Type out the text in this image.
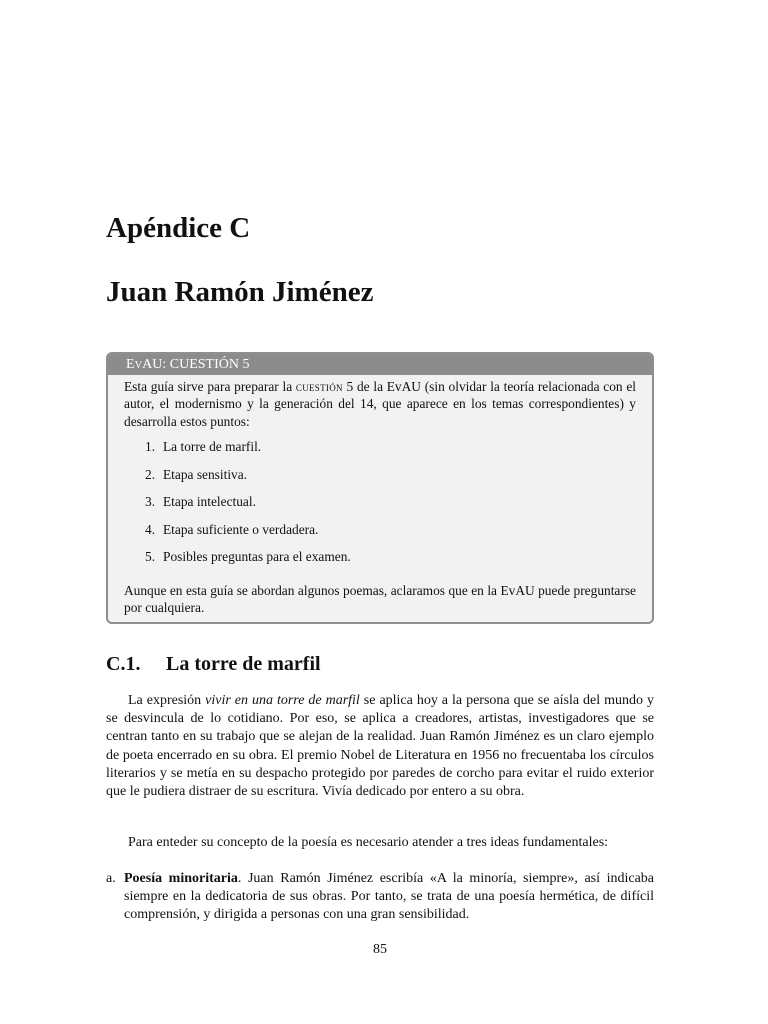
Apéndice C
Juan Ramón Jiménez
EVAU: CUESTIÓN 5

Esta guía sirve para preparar la cuestión 5 de la EvAU (sin olvidar la teoría relacionada con el autor, el modernismo y la generación del 14, que aparece en los temas correspondientes) y desarrolla estos puntos:

1. La torre de marfil.
2. Etapa sensitiva.
3. Etapa intelectual.
4. Etapa suficiente o verdadera.
5. Posibles preguntas para el examen.

Aunque en esta guía se abordan algunos poemas, aclaramos que en la EvAU puede preguntarse por cualquiera.

C.1. La torre de marfil

La expresión vivir en una torre de marfil se aplica hoy a la persona que se aísla del mundo y se desvincula de lo cotidiano. Por eso, se aplica a creadores, artistas, investigadores que se centran tanto en su trabajo que se alejan de la realidad. Juan Ramón Jiménez es un claro ejemplo de poeta encerrado en su obra. El premio Nobel de Literatura en 1956 no frecuentaba los círculos literarios y se metía en su despacho protegido por paredes de corcho para evitar el ruido exterior que le pudiera distraer de su escritura. Vivía dedicado por entero a su obra.

Para enteder su concepto de la poesía es necesario atender a tres ideas fundamentales:

a. Poesía minoritaria. Juan Ramón Jiménez escribía «A la minoría, siempre», así indicaba siempre en la dedicatoria de sus obras. Por tanto, se trata de una poesía hermética, de difícil comprensión, y dirigida a personas con una gran sensibilidad.
85
